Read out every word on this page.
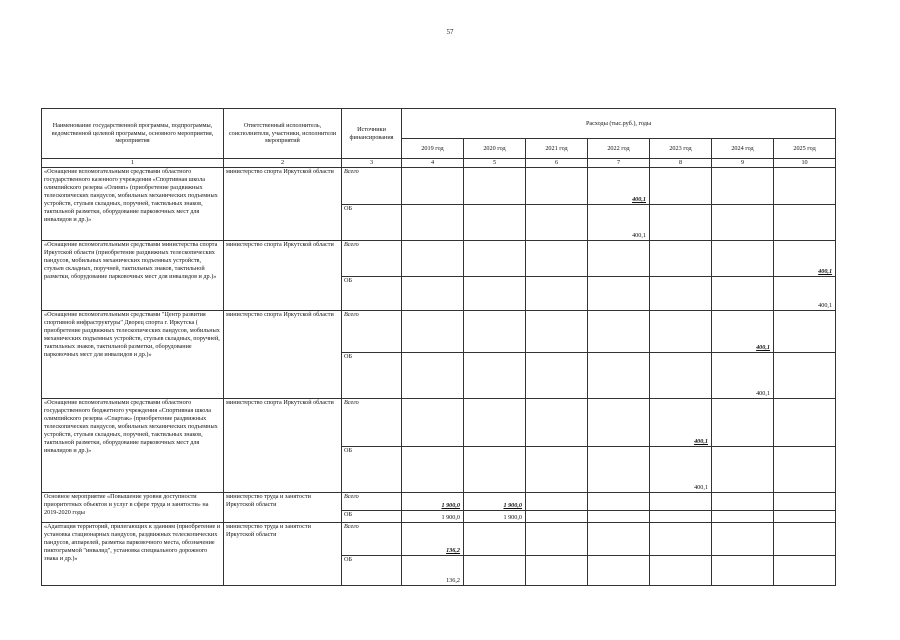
57
Наименование государственной программы, подпрограммы, ведомственной целевой программы, основного мероприятия, мероприятия	Ответственный исполнитель, соисполнители, участники, исполнители мероприятий	Источники финансирования	Расходы (тыс.руб.), годы						
			2019 год	2020 год	2021 год	2022 год	2023 год	2024 год	2025 год
1	2	3	4	5	6	7	8	9	10
«Оснащение вспомогательными средствами областного государственного казенного учреждения «Спортивная школа олимпийского резерва «Олимп» (приобретение раздвижных телескопических пандусов, мобильных механических подъемных устройств, стульев складных, поручней, тактильных знаков, тактильной разметки, оборудование парковочных мест для инвалидов и др.)»	министерство спорта Иркутской области	Всего				400,1			

		ОБ				400,1			

«Оснащение вспомогательными средствами министерства спорта Иркутской области (приобретение раздвижных телескопических пандусов, мобильных механических подъемных устройств, стульев складных, поручней, тактильных знаков, тактильной разметки, оборудование парковочных мест для инвалидов и др.)»	министерство спорта Иркутской области	Всего							400,1

		ОБ							400,1

«Оснащение вспомогательными средствами "Центр развития спортивной инфраструктуры" Дворец спорта г. Иркутска ( приобретение раздвижных телескопических пандусов, мобильных механических подъемных устройств, стульев складных, поручней, тактильных знаков, тактильной разметки, оборудование парковочных мест для инвалидов и др.)»	министерство спорта Иркутской области	Всего						400,1	

		ОБ						400,1	

«Оснащение вспомогательными средствами областного государственного бюджетного учреждения «Спортивная школа олимпийского резерва «Спартак» (приобретение раздвижных телескопических пандусов, мобильных механических подъемных устройств, стульев складных, поручней, тактильных знаков, тактильной разметки, оборудование парковочных мест для инвалидов и др.)»	министерство спорта Иркутской области	Всего					400,1		

		ОБ					400,1		

Основное мероприятие «Повышение уровня доступности приоритетных объектов и услуг в сфере труда и занятости» на 2019-2020 годы	министерство труда и занятости Иркутской области	Всего	1 900,0	1 900,0					

		ОБ	1 900,0	1 900,0					

«Адаптация территорий, прилегающих к зданиям (приобретение и установка стационарных пандусов, раздвижных телескопических пандусов, аппарелей, разметка парковочного места, обозначение пиктограммой "инвалид", установка специального дорожного знака и др.)»	министерство труда и занятости Иркутской области	Всего	136,2						

		ОБ	136,2						
